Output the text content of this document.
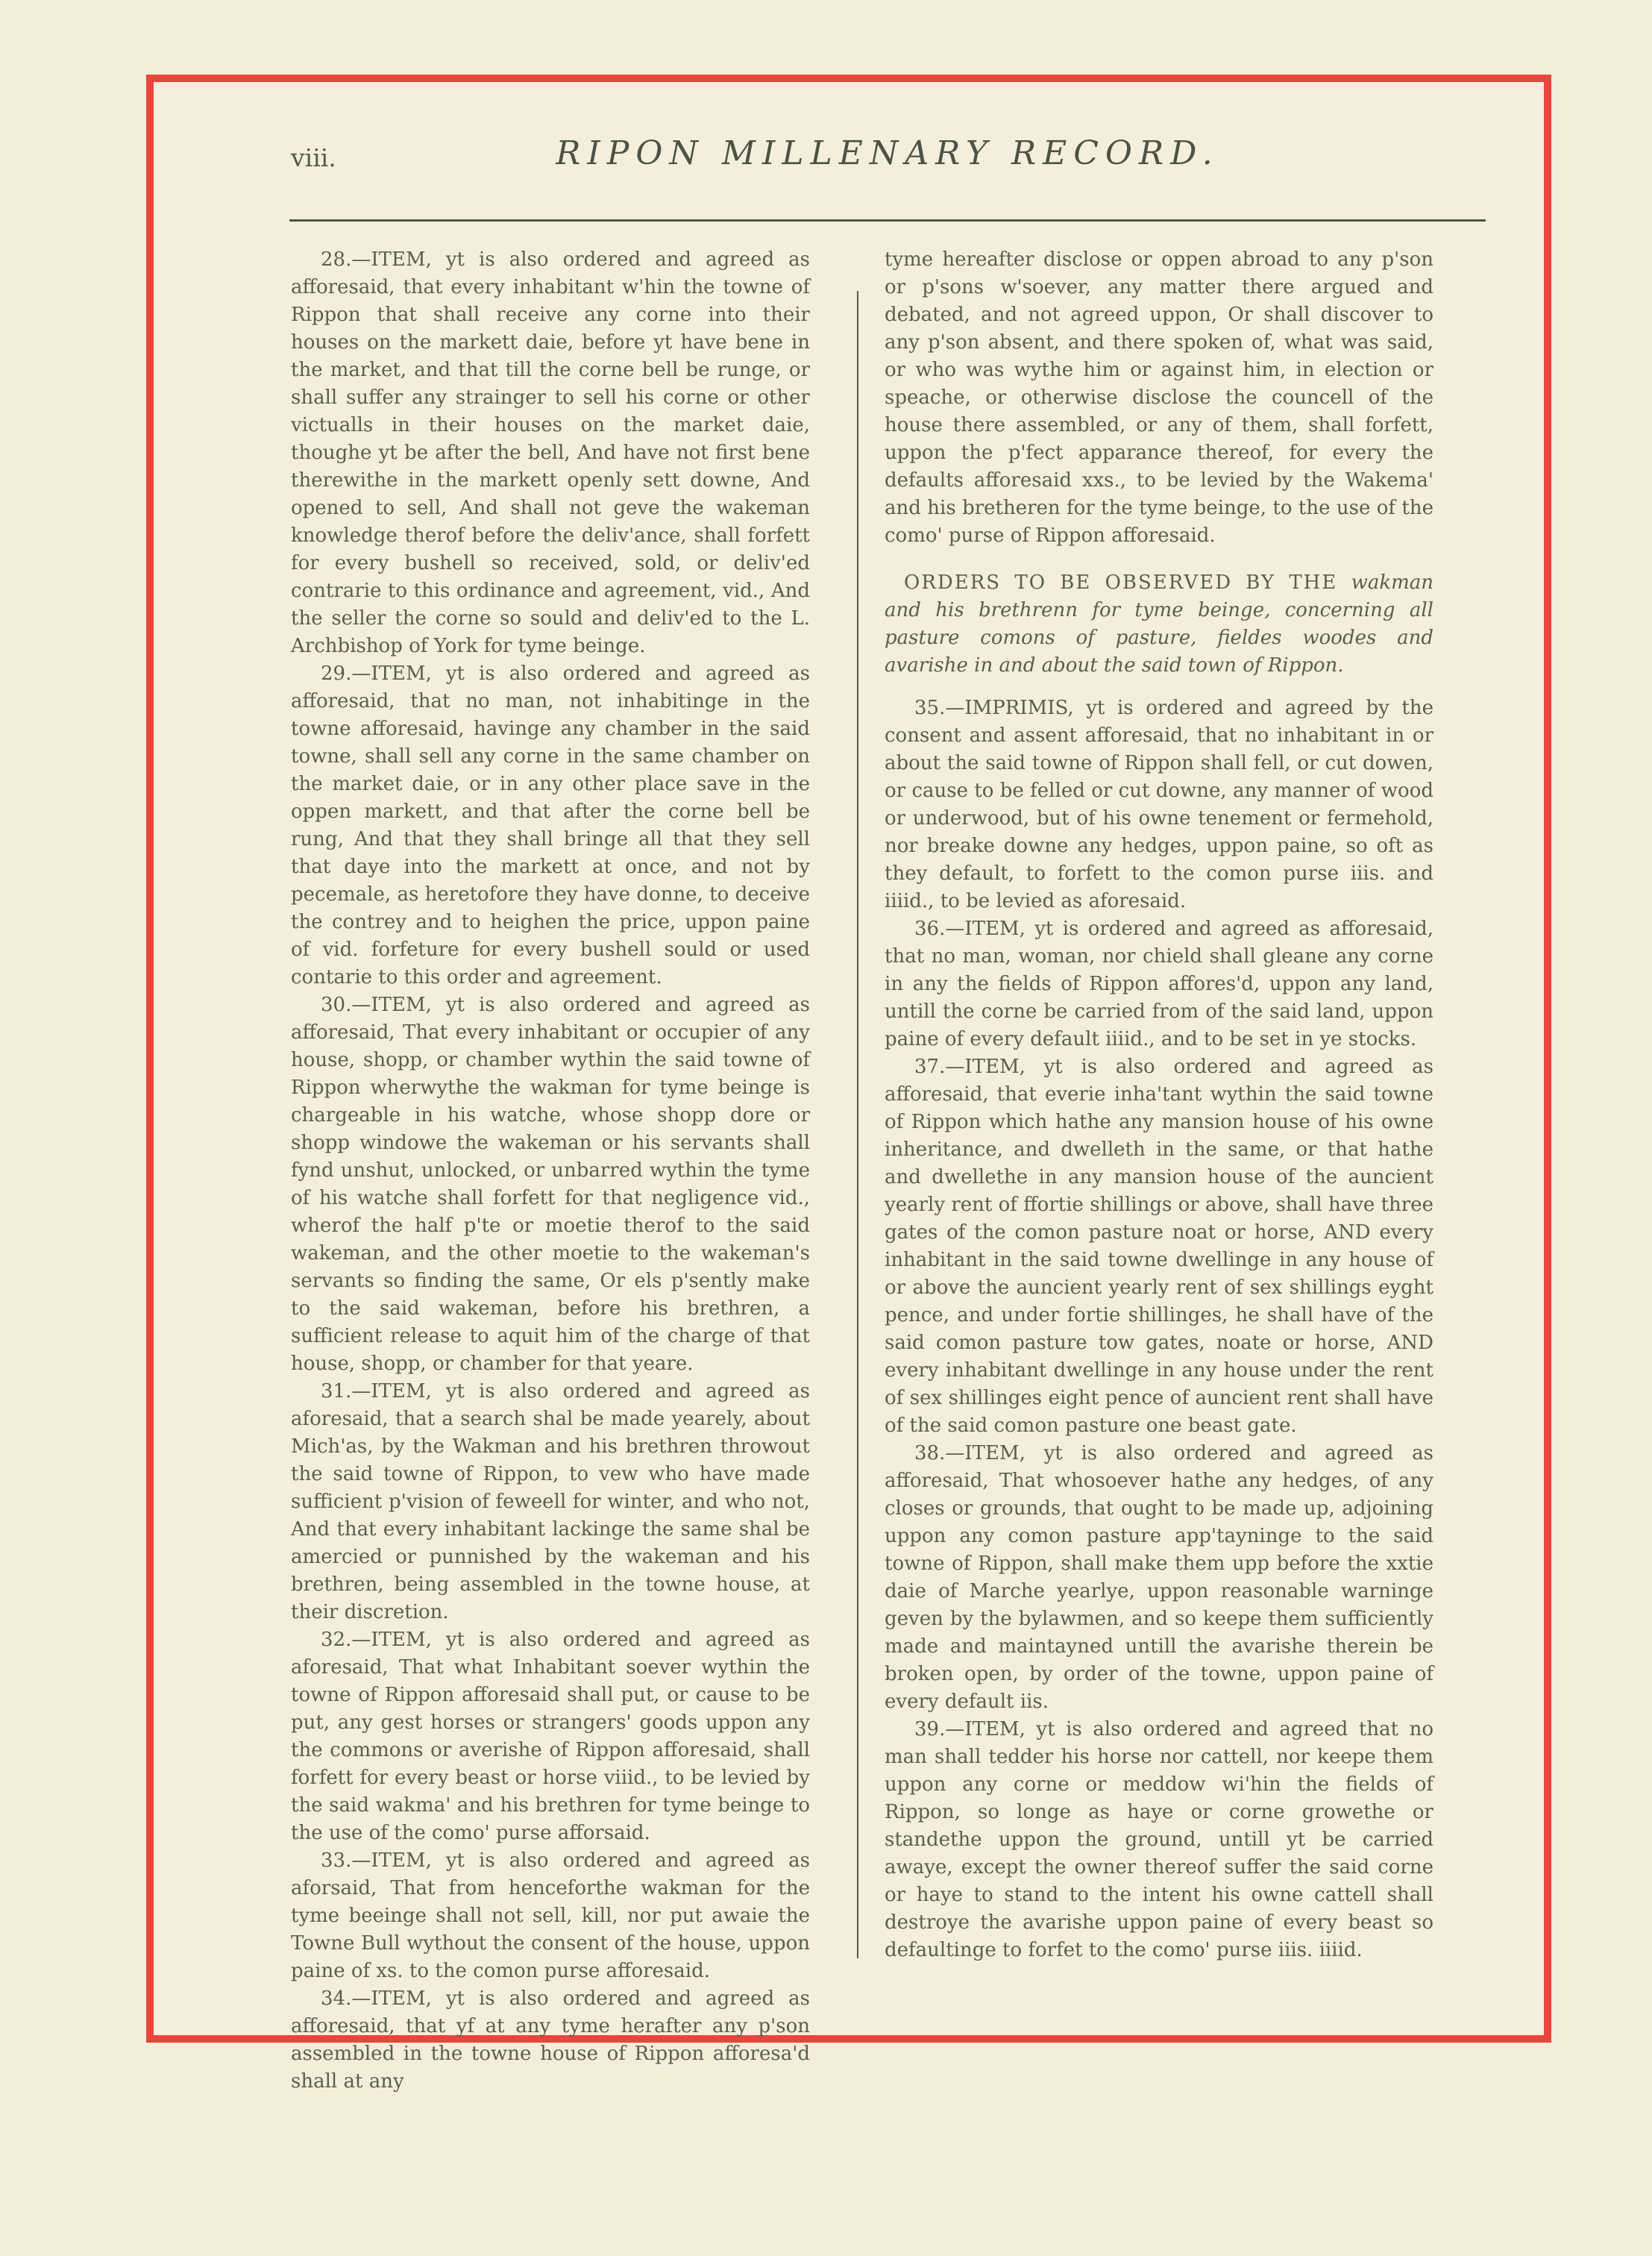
viii.	RIPON MILLENARY RECORD.

28.—ITEM, yt is also ordered and agreed as afforesaid, that every inhabitant w'hin the towne of Rippon that shall receive any corne into their houses on the markett daie, before yt have bene in the market, and that till the corne bell be runge, or shall suffer any strainger to sell his corne or other victualls in their houses on the market daie, thoughe yt be after the bell, And have not first bene therewithe in the markett openly sett downe, And opened to sell, And shall not geve the wakeman knowledge therof before the deliv'ance, shall forfett for every bushell so received, sold, or deliv'ed contrarie to this ordinance and agreement, vid., And the seller the corne so sould and deliv'ed to the L. Archbishop of York for tyme beinge.

29.—ITEM, yt is also ordered and agreed as afforesaid, that no man, not inhabitinge in the towne afforesaid, havinge any chamber in the said towne, shall sell any corne in the same chamber on the market daie, or in any other place save in the oppen markett, and that after the corne bell be rung, And that they shall bringe all that they sell that daye into the markett at once, and not by pecemale, as heretofore they have donne, to deceive the contrey and to heighen the price, uppon paine of vid. forfeture for every bushell sould or used contarie to this order and agreement.

30.—ITEM, yt is also ordered and agreed as afforesaid, That every inhabitant or occupier of any house, shopp, or chamber wythin the said towne of Rippon wherwythe the wakman for tyme beinge is chargeable in his watche, whose shopp dore or shopp windowe the wakeman or his servants shall fynd unshut, unlocked, or unbarred wythin the tyme of his watche shall forfett for that negligence vid., wherof the half p'te or moetie therof to the said wakeman, and the other moetie to the wakeman's servants so finding the same, Or els p'sently make to the said wakeman, before his brethren, a sufficient release to aquit him of the charge of that house, shopp, or chamber for that yeare.

31.—ITEM, yt is also ordered and agreed as aforesaid, that a search shal be made yearely, about Mich'as, by the Wakman and his brethren throwout the said towne of Rippon, to vew who have made sufficient p'vision of feweell for winter, and who not, And that every inhabitant lackinge the same shal be amercied or punnished by the wakeman and his brethren, being assembled in the towne house, at their discretion.

32.—ITEM, yt is also ordered and agreed as aforesaid, That what Inhabitant soever wythin the towne of Rippon afforesaid shall put, or cause to be put, any gest horses or strangers' goods uppon any the commons or averishe of Rippon afforesaid, shall forfett for every beast or horse viiid., to be levied by the said wakma' and his brethren for tyme beinge to the use of the como' purse afforsaid.

33.—ITEM, yt is also ordered and agreed as aforsaid, That from henceforthe wakman for the tyme beeinge shall not sell, kill, nor put awaie the Towne Bull wythout the consent of the house, uppon paine of xs. to the comon purse afforesaid.

34.—ITEM, yt is also ordered and agreed as afforesaid, that yf at any tyme herafter any p'son assembled in the towne house of Rippon afforesa'd shall at any

tyme hereafter disclose or oppen abroad to any p'son or p'sons w'soever, any matter there argued and debated, and not agreed uppon, Or shall discover to any p'son absent, and there spoken of, what was said, or who was wythe him or against him, in election or speache, or otherwise disclose the councell of the house there assembled, or any of them, shall forfett, uppon the p'fect apparance thereof, for every the defaults afforesaid xxs., to be levied by the Wakema' and his bretheren for the tyme beinge, to the use of the como' purse of Rippon afforesaid.

ORDERS TO BE OBSERVED BY THE wakman and his brethrenn for tyme beinge, concerning all pasture comons of pasture, fieldes woodes and avarishe in and about the said town of Rippon.

35.—IMPRIMIS, yt is ordered and agreed by the consent and assent afforesaid, that no inhabitant in or about the said towne of Rippon shall fell, or cut dowen, or cause to be felled or cut downe, any manner of wood or underwood, but of his owne tenement or fermehold, nor breake downe any hedges, uppon paine, so oft as they default, to forfett to the comon purse iiis. and iiiid., to be levied as aforesaid.

36.—ITEM, yt is ordered and agreed as afforesaid, that no man, woman, nor chield shall gleane any corne in any the fields of Rippon affores'd, uppon any land, untill the corne be carried from of the said land, uppon paine of every default iiiid., and to be set in ye stocks.

37.—ITEM, yt is also ordered and agreed as afforesaid, that everie inha'tant wythin the said towne of Rippon which hathe any mansion house of his owne inheritance, and dwelleth in the same, or that hathe and dwellethe in any mansion house of the auncient yearly rent of ffortie shillings or above, shall have three gates of the comon pasture noat or horse, AND every inhabitant in the said towne dwellinge in any house of or above the auncient yearly rent of sex shillings eyght pence, and under fortie shillinges, he shall have of the said comon pasture tow gates, noate or horse, AND every inhabitant dwellinge in any house under the rent of sex shillinges eight pence of auncient rent shall have of the said comon pasture one beast gate.

38.—ITEM, yt is also ordered and agreed as afforesaid, That whosoever hathe any hedges, of any closes or grounds, that ought to be made up, adjoining uppon any comon pasture app'tayninge to the said towne of Rippon, shall make them upp before the xxtie daie of Marche yearlye, uppon reasonable warninge geven by the bylawmen, and so keepe them sufficiently made and maintayned untill the avarishe therein be broken open, by order of the towne, uppon paine of every default iis.

39.—ITEM, yt is also ordered and agreed that no man shall tedder his horse nor cattell, nor keepe them uppon any corne or meddow wi'hin the fields of Rippon, so longe as haye or corne growethe or standethe uppon the ground, untill yt be carried awaye, except the owner thereof suffer the said corne or haye to stand to the intent his owne cattell shall destroye the avarishe uppon paine of every beast so defaultinge to forfet to the como' purse iiis. iiiid.
